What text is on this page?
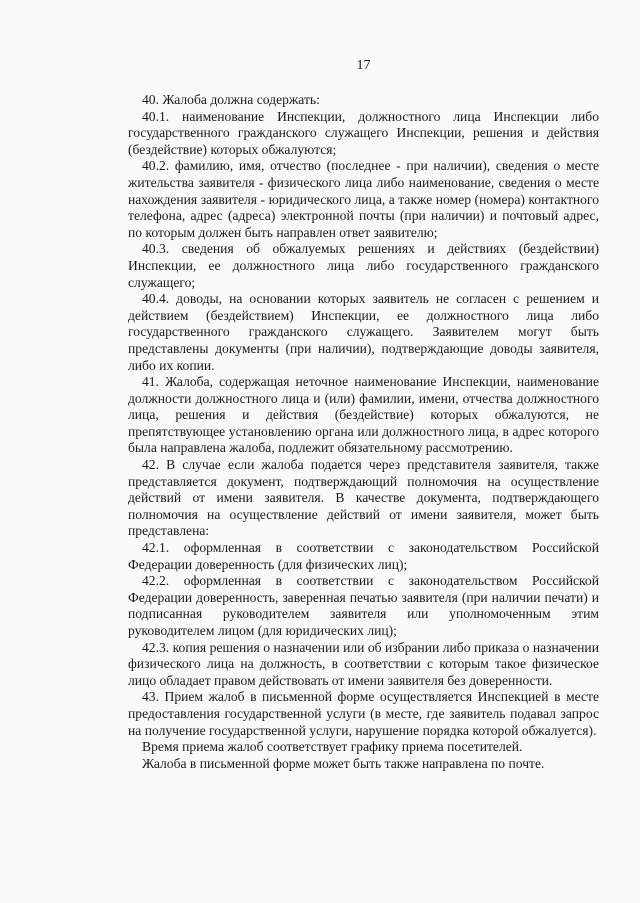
17

40. Жалоба должна содержать:

40.1. наименование Инспекции, должностного лица Инспекции либо государственного гражданского служащего Инспекции, решения и действия (бездействие) которых обжалуются;

40.2. фамилию, имя, отчество (последнее - при наличии), сведения о месте жительства заявителя - физического лица либо наименование, сведения о месте нахождения заявителя - юридического лица, а также номер (номера) контактного телефона, адрес (адреса) электронной почты (при наличии) и почтовый адрес, по которым должен быть направлен ответ заявителю;

40.3. сведения об обжалуемых решениях и действиях (бездействии) Инспекции, ее должностного лица либо государственного гражданского служащего;

40.4. доводы, на основании которых заявитель не согласен с решением и действием (бездействием) Инспекции, ее должностного лица либо государственного гражданского служащего. Заявителем могут быть представлены документы (при наличии), подтверждающие доводы заявителя, либо их копии.

41. Жалоба, содержащая неточное наименование Инспекции, наименование должности должностного лица и (или) фамилии, имени, отчества должностного лица, решения и действия (бездействие) которых обжалуются, не препятствующее установлению органа или должностного лица, в адрес которого была направлена жалоба, подлежит обязательному рассмотрению.

42. В случае если жалоба подается через представителя заявителя, также представляется документ, подтверждающий полномочия на осуществление действий от имени заявителя. В качестве документа, подтверждающего полномочия на осуществление действий от имени заявителя, может быть представлена:

42.1. оформленная в соответствии с законодательством Российской Федерации доверенность (для физических лиц);

42.2. оформленная в соответствии с законодательством Российской Федерации доверенность, заверенная печатью заявителя (при наличии печати) и подписанная руководителем заявителя или уполномоченным этим руководителем лицом (для юридических лиц);

42.3. копия решения о назначении или об избрании либо приказа о назначении физического лица на должность, в соответствии с которым такое физическое лицо обладает правом действовать от имени заявителя без доверенности.

43. Прием жалоб в письменной форме осуществляется Инспекцией в месте предоставления государственной услуги (в месте, где заявитель подавал запрос на получение государственной услуги, нарушение порядка которой обжалуется).

Время приема жалоб соответствует графику приема посетителей.

Жалоба в письменной форме может быть также направлена по почте.
